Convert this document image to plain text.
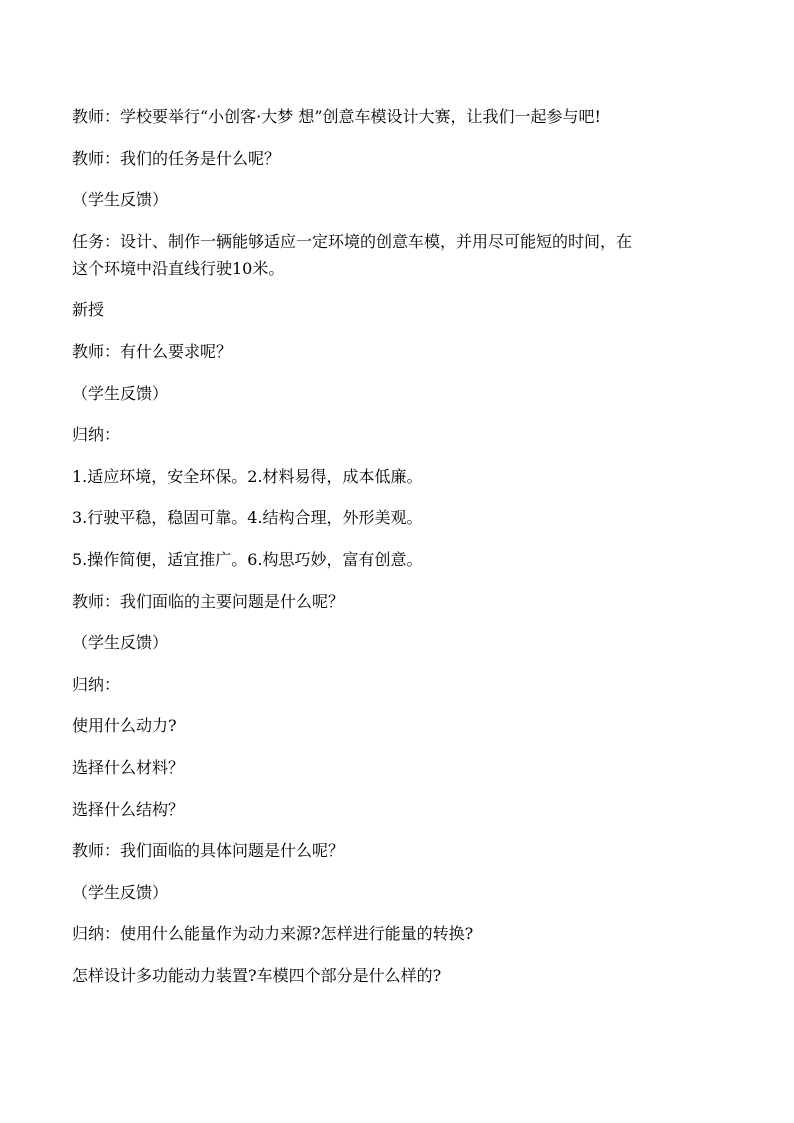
教师：学校要举行“小创客·大梦 想”创意车模设计大赛，让我们一起参与吧!

教师：我们的任务是什么呢？

（学生反馈）

任务：设计、制作一辆能够适应一定环境的创意车模，并用尽可能短的时间，在

这个环境中沿直线行驶10米。

新授

教师：有什么要求呢？

（学生反馈）

归纳：

1.适应环境，安全环保。2.材料易得，成本低廉。

3.行驶平稳，稳固可靠。4.结构合理，外形美观。

5.操作简便，适宜推广。6.构思巧妙，富有创意。

教师：我们面临的主要问题是什么呢？

（学生反馈）

归纳：

使用什么动力?

选择什么材料？

选择什么结构？

教师：我们面临的具体问题是什么呢？

（学生反馈）

归纳：使用什么能量作为动力来源?怎样进行能量的转换?

怎样设计多功能动力装置?车模四个部分是什么样的?
